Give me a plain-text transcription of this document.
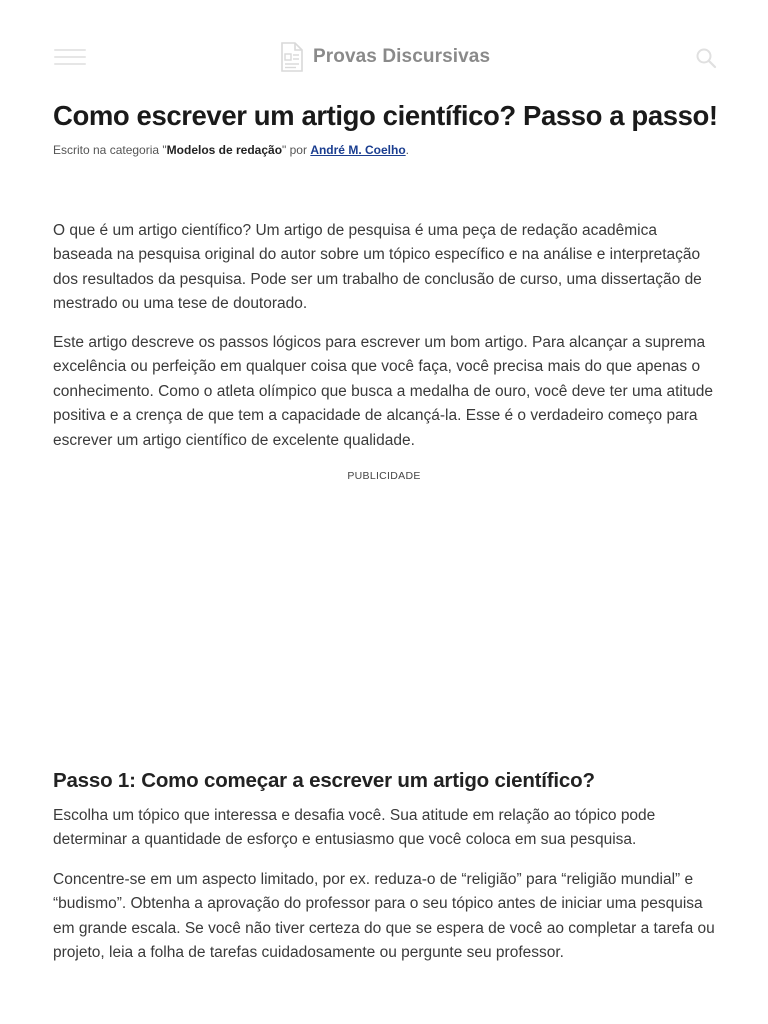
Provas Discursivas
Como escrever um artigo científico? Passo a passo!
Escrito na categoria "Modelos de redação" por André M. Coelho.

O que é um artigo científico? Um artigo de pesquisa é uma peça de redação acadêmica baseada na pesquisa original do autor sobre um tópico específico e na análise e interpretação dos resultados da pesquisa. Pode ser um trabalho de conclusão de curso, uma dissertação de mestrado ou uma tese de doutorado.

Este artigo descreve os passos lógicos para escrever um bom artigo. Para alcançar a suprema excelência ou perfeição em qualquer coisa que você faça, você precisa mais do que apenas o conhecimento. Como o atleta olímpico que busca a medalha de ouro, você deve ter uma atitude positiva e a crença de que tem a capacidade de alcançá-la. Esse é o verdadeiro começo para escrever um artigo científico de excelente qualidade.

PUBLICIDADE
Passo 1: Como começar a escrever um artigo científico?

Escolha um tópico que interessa e desafia você. Sua atitude em relação ao tópico pode determinar a quantidade de esforço e entusiasmo que você coloca em sua pesquisa.

Concentre-se em um aspecto limitado, por ex. reduza-o de “religião” para “religião mundial” e “budismo”. Obtenha a aprovação do professor para o seu tópico antes de iniciar uma pesquisa em grande escala. Se você não tiver certeza do que se espera de você ao completar a tarefa ou projeto, leia a folha de tarefas cuidadosamente ou pergunte seu professor.
